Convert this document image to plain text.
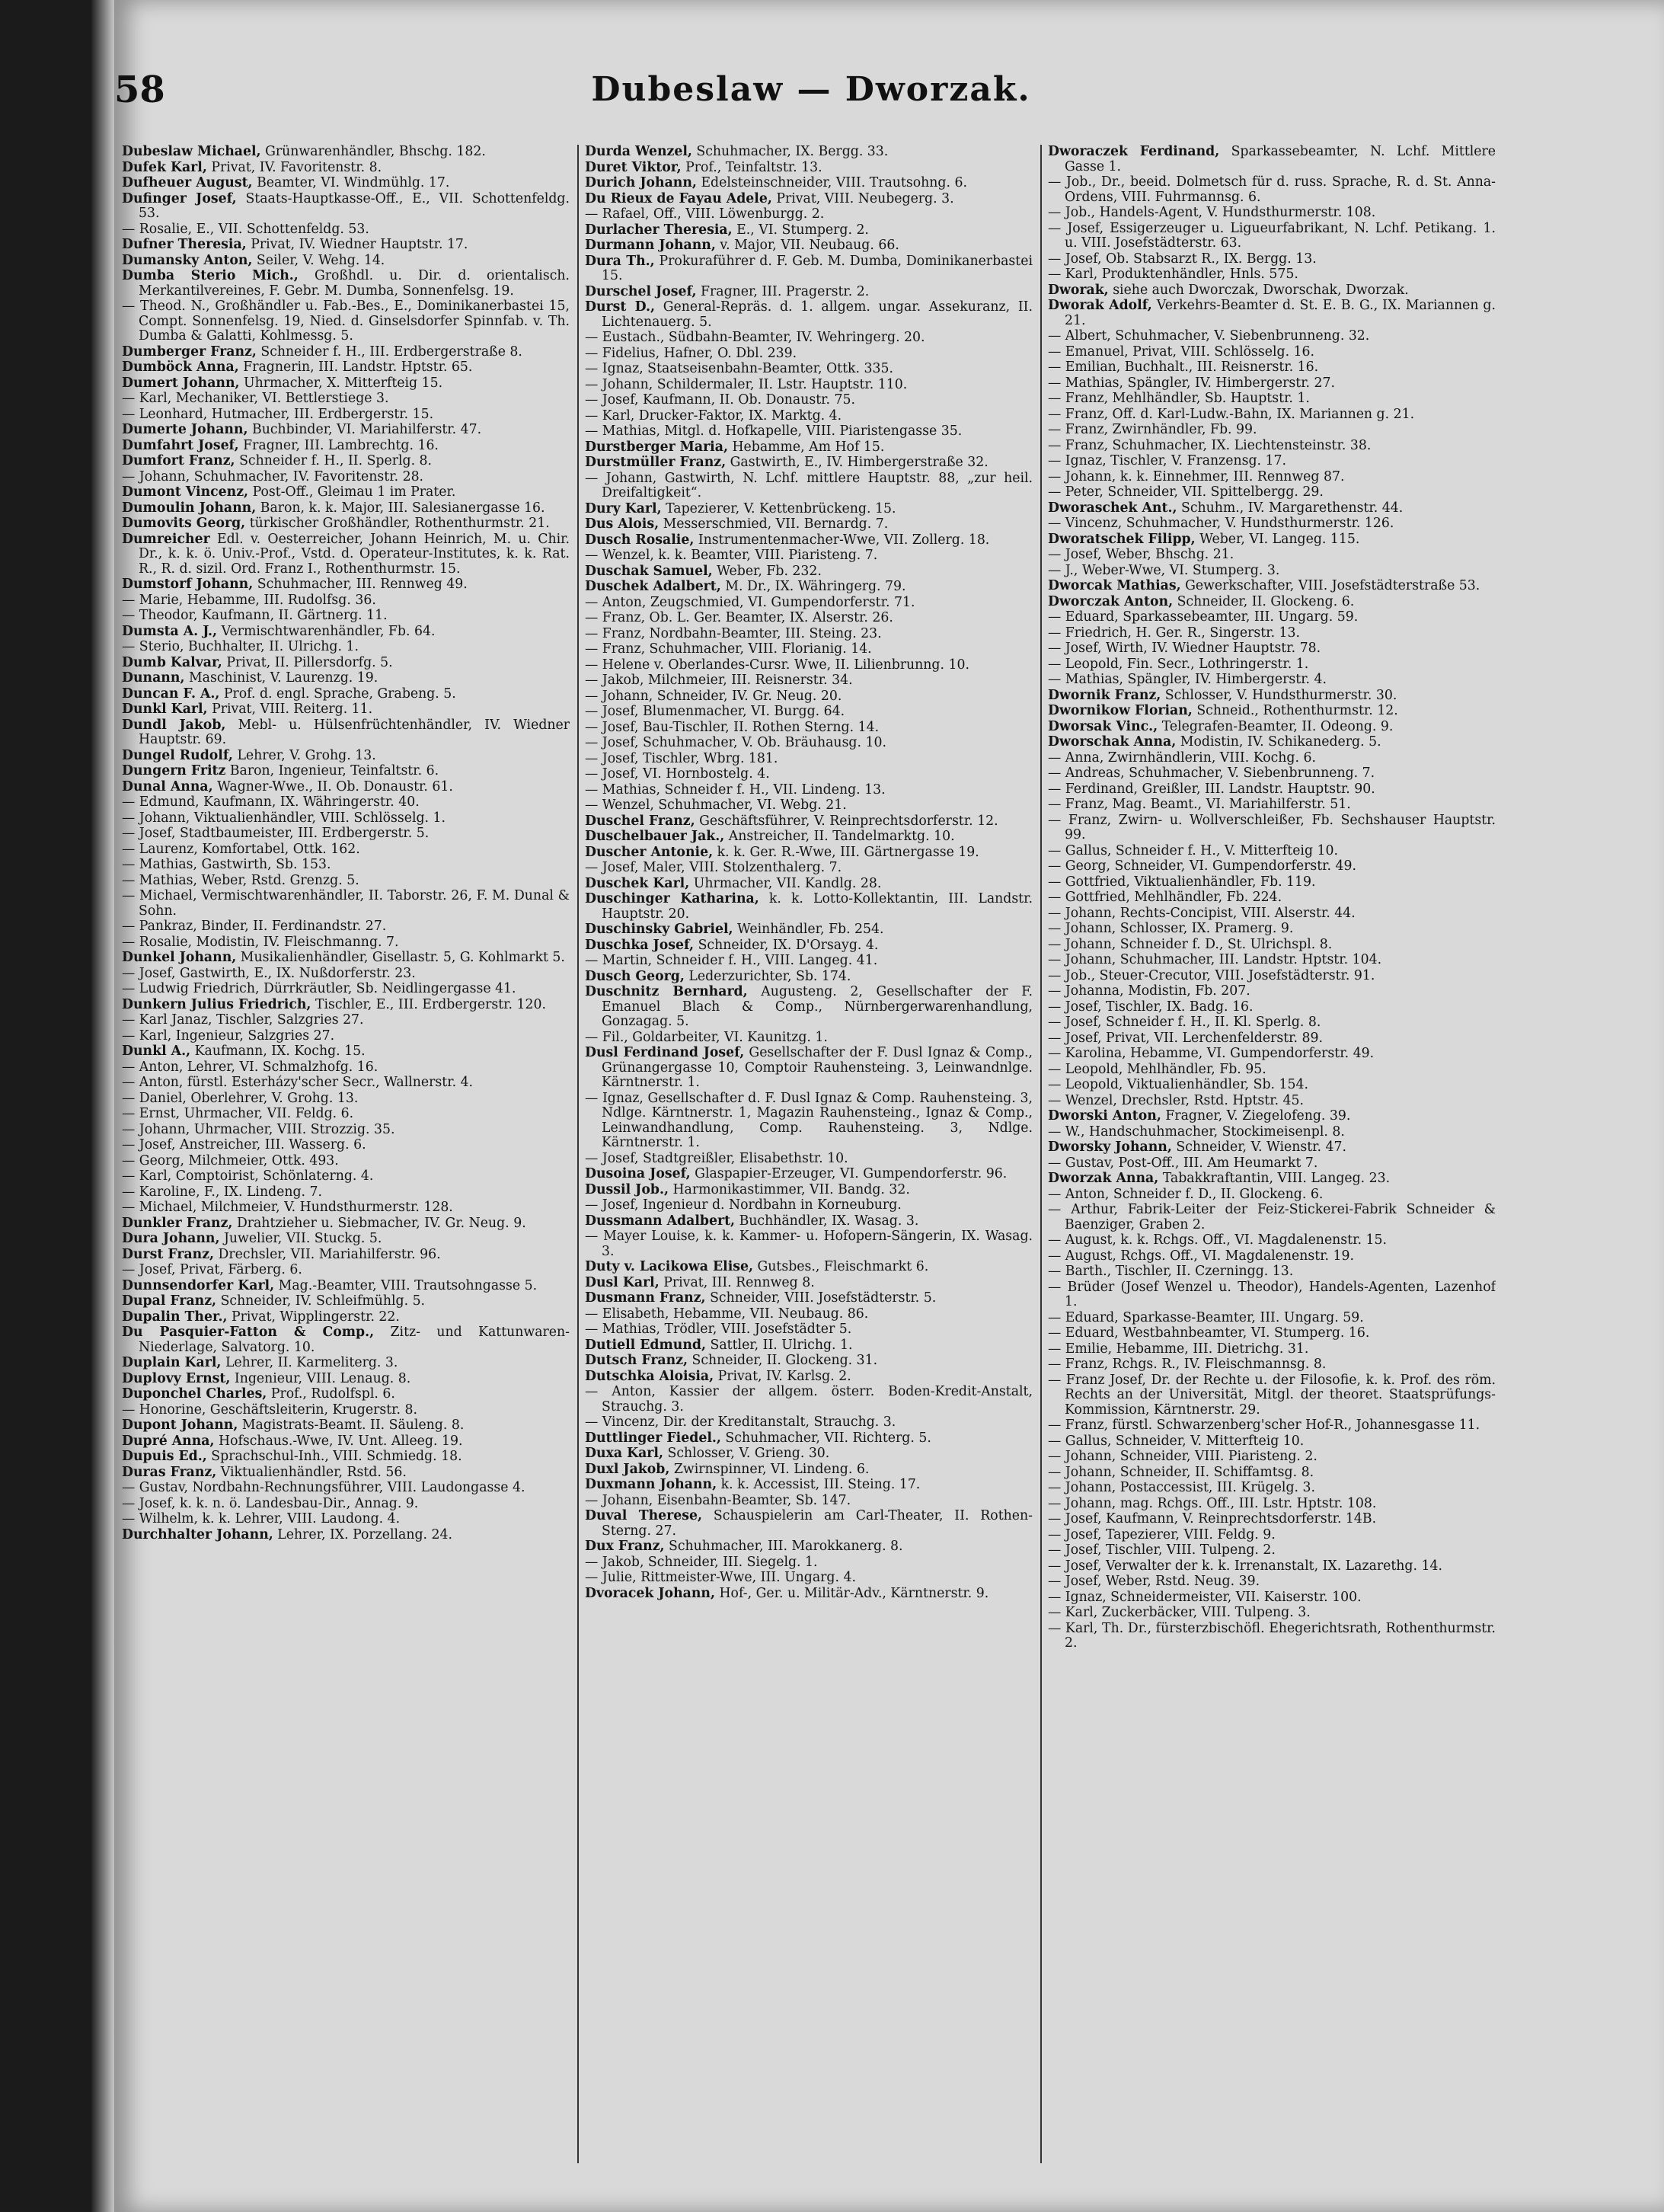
58	Dubeslaw — Dworzak.
Dubeslaw Michael, Grünwarenhändler, Bhschg. 182.
Dufek Karl, Privat, IV. Favoritenstr. 8.
Dufheuer August, Beamter, VI. Windmühlg. 17.
Dufinger Josef, Staats-Hauptkasse-Off., E., VII. Schottenfeldg. 53.
— Rosalie, E., VII. Schottenfeldg. 53.
Dufner Theresia, Privat, IV. Wiedner Hauptstr. 17.
Dumansky Anton, Seiler, V. Wehg. 14.
Dumba Sterio Mich., Großhdl. u. Dir. d. orientalisch. Merkantilvereines, F. Gebr. M. Dumba, Sonnenfelsg. 19.
— Theod. N., Großhändler u. Fab.-Bes., E., Dominikanerbastei 15, Compt. Sonnenfelsg. 19, Nied. d. Ginselsdorfer Spinnfab. v. Th. Dumba & Galatti, Kohlmessg. 5.
Dumberger Franz, Schneider f. H., III. Erdbergerstraße 8.
Dumböck Anna, Fragnerin, III. Landstr. Hptstr. 65.
Dumert Johann, Uhrmacher, X. Mitterfteig 15.
— Karl, Mechaniker, VI. Bettlerstiege 3.
— Leonhard, Hutmacher, III. Erdbergerstr. 15.
Dumerte Johann, Buchbinder, VI. Mariahilferstr. 47.
Dumfahrt Josef, Fragner, III. Lambrechtg. 16.
Dumfort Franz, Schneider f. H., II. Sperlg. 8.
— Johann, Schuhmacher, IV. Favoritenstr. 28.
Dumont Vincenz, Post-Off., Gleimau 1 im Prater.
Dumoulin Johann, Baron, k. k. Major, III. Salesianergasse 16.
Dumovits Georg, türkischer Großhändler, Rothenthurmstr. 21.
Dumreicher Edl. v. Oesterreicher, Johann Heinrich, M. u. Chir. Dr., k. k. ö. Univ.-Prof., Vstd. d. Operateur-Institutes, k. k. Rat. R., R. d. sizil. Ord. Franz I., Rothenthurmstr. 15.
Dumstorf Johann, Schuhmacher, III. Rennweg 49.
— Marie, Hebamme, III. Rudolfsg. 36.
— Theodor, Kaufmann, II. Gärtnerg. 11.
Dumsta A. J., Vermischtwarenhändler, Fb. 64.
— Sterio, Buchhalter, II. Ulrichg. 1.
Dumb Kalvar, Privat, II. Pillersdorfg. 5.
Dunann, Maschinist, V. Laurenzg. 19.
Duncan F. A., Prof. d. engl. Sprache, Grabeng. 5.
Dunkl Karl, Privat, VIII. Reiterg. 11.
Dundl Jakob, Mebl- u. Hülsenfrüchtenhändler, IV. Wiedner Hauptstr. 69.
Dungel Rudolf, Lehrer, V. Grohg. 13.
Dungern Fritz Baron, Ingenieur, Teinfaltstr. 6.
Dunal Anna, Wagner-Wwe., II. Ob. Donaustr. 61.
— Edmund, Kaufmann, IX. Währingerstr. 40.
— Johann, Viktualienhändler, VIII. Schlösselg. 1.
— Josef, Stadtbaumeister, III. Erdbergerstr. 5.
— Laurenz, Komfortabel, Ottk. 162.
— Mathias, Gastwirth, Sb. 153.
— Mathias, Weber, Rstd. Grenzg. 5.
— Michael, Vermischtwarenhändler, II. Taborstr. 26, F. M. Dunal & Sohn.
— Pankraz, Binder, II. Ferdinandstr. 27.
— Rosalie, Modistin, IV. Fleischmanng. 7.
Dunkel Johann, Musikalienhändler, Gisellastr. 5, G. Kohlmarkt 5.
— Josef, Gastwirth, E., IX. Nußdorferstr. 23.
— Ludwig Friedrich, Dürrkräutler, Sb. Neidlingergasse 41.
Dunkern Julius Friedrich, Tischler, E., III. Erdbergerstr. 120.
— Karl Janaz, Tischler, Salzgries 27.
— Karl, Ingenieur, Salzgries 27.
Dunkl A., Kaufmann, IX. Kochg. 15.
— Anton, Lehrer, VI. Schmalzhofg. 16.
— Anton, fürstl. Esterházy'scher Secr., Wallnerstr. 4.
— Daniel, Oberlehrer, V. Grohg. 13.
— Ernst, Uhrmacher, VII. Feldg. 6.
— Johann, Uhrmacher, VIII. Strozzig. 35.
— Josef, Anstreicher, III. Wasserg. 6.
— Georg, Milchmeier, Ottk. 493.
— Karl, Comptoirist, Schönlaterng. 4.
— Karoline, F., IX. Lindeng. 7.
— Michael, Milchmeier, V. Hundsthurmerstr. 128.
Dunkler Franz, Drahtzieher u. Siebmacher, IV. Gr. Neug. 9.
Dura Johann, Juwelier, VII. Stuckg. 5.
Durst Franz, Drechsler, VII. Mariahilferstr. 96.
— Josef, Privat, Färberg. 6.
Dunnsendorfer Karl, Mag.-Beamter, VIII. Trautsohngasse 5.
Dupal Franz, Schneider, IV. Schleifmühlg. 5.
Dupalin Ther., Privat, Wipplingerstr. 22.
Du Pasquier-Fatton & Comp., Zitz- und Kattunwaren-Niederlage, Salvatorg. 10.
Duplain Karl, Lehrer, II. Karmeliterg. 3.
Duplovy Ernst, Ingenieur, VIII. Lenaug. 8.
Duponchel Charles, Prof., Rudolfspl. 6.
— Honorine, Geschäftsleiterin, Krugerstr. 8.
Dupont Johann, Magistrats-Beamt. II. Säuleng. 8.
Dupré Anna, Hofschaus.-Wwe, IV. Unt. Alleeg. 19.
Dupuis Ed., Sprachschul-Inh., VIII. Schmiedg. 18.
Duras Franz, Viktualienhändler, Rstd. 56.
— Gustav, Nordbahn-Rechnungsführer, VIII. Laudongasse 4.
— Josef, k. k. n. ö. Landesbau-Dir., Annag. 9.
— Wilhelm, k. k. Lehrer, VIII. Laudong. 4.
Durchhalter Johann, Lehrer, IX. Porzellang. 24.
Durda Wenzel, Schuhmacher, IX. Bergg. 33.
Duret Viktor, Prof., Teinfaltstr. 13.
Durich Johann, Edelsteinschneider, VIII. Trautsohng. 6.
Du Rieux de Fayau Adele, Privat, VIII. Neubegerg. 3.
— Rafael, Off., VIII. Löwenburgg. 2.
Durlacher Theresia, E., VI. Stumperg. 2.
Durmann Johann, v. Major, VII. Neubaug. 66.
Dura Th., Prokuraführer d. F. Geb. M. Dumba, Dominikanerbastei 15.
Durschel Josef, Fragner, III. Pragerstr. 2.
Durst D., General-Repräs. d. 1. allgem. ungar. Assekuranz, II. Lichtenauerg. 5.
— Eustach., Südbahn-Beamter, IV. Wehringerg. 20.
— Fidelius, Hafner, O. Dbl. 239.
— Ignaz, Staatseisenbahn-Beamter, Ottk. 335.
— Johann, Schildermaler, II. Lstr. Hauptstr. 110.
— Josef, Kaufmann, II. Ob. Donaustr. 75.
— Karl, Drucker-Faktor, IX. Marktg. 4.
— Mathias, Mitgl. d. Hofkapelle, VIII. Piaristengasse 35.
Durstberger Maria, Hebamme, Am Hof 15.
Durstmüller Franz, Gastwirth, E., IV. Himbergerstraße 32.
— Johann, Gastwirth, N. Lchf. mittlere Hauptstr. 88, „zur heil. Dreifaltigkeit“.
Dury Karl, Tapezierer, V. Kettenbrückeng. 15.
Dus Alois, Messerschmied, VII. Bernardg. 7.
Dusch Rosalie, Instrumentenmacher-Wwe, VII. Zollerg. 18.
— Wenzel, k. k. Beamter, VIII. Piaristeng. 7.
Duschak Samuel, Weber, Fb. 232.
Duschek Adalbert, M. Dr., IX. Währingerg. 79.
— Anton, Zeugschmied, VI. Gumpendorferstr. 71.
— Franz, Ob. L. Ger. Beamter, IX. Alserstr. 26.
— Franz, Nordbahn-Beamter, III. Steing. 23.
— Franz, Schuhmacher, VIII. Florianig. 14.
— Helene v. Oberlandes-Cursr. Wwe, II. Lilienbrunng. 10.
— Jakob, Milchmeier, III. Reisnerstr. 34.
— Johann, Schneider, IV. Gr. Neug. 20.
— Josef, Blumenmacher, VI. Burgg. 64.
— Josef, Bau-Tischler, II. Rothen Sterng. 14.
— Josef, Schuhmacher, V. Ob. Bräuhausg. 10.
— Josef, Tischler, Wbrg. 181.
— Josef, VI. Hornbostelg. 4.
— Mathias, Schneider f. H., VII. Lindeng. 13.
— Wenzel, Schuhmacher, VI. Webg. 21.
Duschel Franz, Geschäftsführer, V. Reinprechtsdorferstr. 12.
Duschelbauer Jak., Anstreicher, II. Tandelmarktg. 10.
Duscher Antonie, k. k. Ger. R.-Wwe, III. Gärtnergasse 19.
— Josef, Maler, VIII. Stolzenthalerg. 7.
Duschek Karl, Uhrmacher, VII. Kandlg. 28.
Duschinger Katharina, k. k. Lotto-Kollektantin, III. Landstr. Hauptstr. 20.
Duschinsky Gabriel, Weinhändler, Fb. 254.
Duschka Josef, Schneider, IX. D'Orsayg. 4.
— Martin, Schneider f. H., VIII. Langeg. 41.
Dusch Georg, Lederzurichter, Sb. 174.
Duschnitz Bernhard, Augusteng. 2, Gesellschafter der F. Emanuel Blach & Comp., Nürnbergerwarenhandlung, Gonzagag. 5.
— Fil., Goldarbeiter, VI. Kaunitzg. 1.
Dusl Ferdinand Josef, Gesellschafter der F. Dusl Ignaz & Comp., Grünangergasse 10, Comptoir Rauhensteing. 3, Leinwandnlge. Kärntnerstr. 1.
— Ignaz, Gesellschafter d. F. Dusl Ignaz & Comp. Rauhensteing. 3, Ndlge. Kärntnerstr. 1, Magazin Rauhensteing., Ignaz & Comp., Leinwandhandlung, Comp. Rauhensteing. 3, Ndlge. Kärntnerstr. 1.
— Josef, Stadtgreißler, Elisabethstr. 10.
Dusoina Josef, Glaspapier-Erzeuger, VI. Gumpendorferstr. 96.
Dussil Job., Harmonikastimmer, VII. Bandg. 32.
— Josef, Ingenieur d. Nordbahn in Korneuburg.
Dussmann Adalbert, Buchhändler, IX. Wasag. 3.
— Mayer Louise, k. k. Kammer- u. Hofopern-Sängerin, IX. Wasag. 3.
Duty v. Lacikowa Elise, Gutsbes., Fleischmarkt 6.
Dusl Karl, Privat, III. Rennweg 8.
Dusmann Franz, Schneider, VIII. Josefstädterstr. 5.
— Elisabeth, Hebamme, VII. Neubaug. 86.
— Mathias, Trödler, VIII. Josefstädter 5.
Dutiell Edmund, Sattler, II. Ulrichg. 1.
Dutsch Franz, Schneider, II. Glockeng. 31.
Dutschka Aloisia, Privat, IV. Karlsg. 2.
— Anton, Kassier der allgem. österr. Boden-Kredit-Anstalt, Strauchg. 3.
— Vincenz, Dir. der Kreditanstalt, Strauchg. 3.
Duttlinger Fiedel., Schuhmacher, VII. Richterg. 5.
Duxa Karl, Schlosser, V. Grieng. 30.
Duxl Jakob, Zwirnspinner, VI. Lindeng. 6.
Duxmann Johann, k. k. Accessist, III. Steing. 17.
— Johann, Eisenbahn-Beamter, Sb. 147.
Duval Therese, Schauspielerin am Carl-Theater, II. Rothen-Sterng. 27.
Dux Franz, Schuhmacher, III. Marokkanerg. 8.
— Jakob, Schneider, III. Siegelg. 1.
— Julie, Rittmeister-Wwe, III. Ungarg. 4.
Dvoracek Johann, Hof-, Ger. u. Militär-Adv., Kärntnerstr. 9.
Dworaczek Ferdinand, Sparkassebeamter, N. Lchf. Mittlere Gasse 1.
— Job., Dr., beeid. Dolmetsch für d. russ. Sprache, R. d. St. Anna-Ordens, VIII. Fuhrmannsg. 6.
— Job., Handels-Agent, V. Hundsthurmerstr. 108.
— Josef, Essigerzeuger u. Ligueurfabrikant, N. Lchf. Petikang. 1. u. VIII. Josefstädterstr. 63.
— Josef, Ob. Stabsarzt R., IX. Bergg. 13.
— Karl, Produktenhändler, Hnls. 575.
Dworak, siehe auch Dworczak, Dworschak, Dworzak.
Dworak Adolf, Verkehrs-Beamter d. St. E. B. G., IX. Mariannen g. 21.
— Albert, Schuhmacher, V. Siebenbrunneng. 32.
— Emanuel, Privat, VIII. Schlösselg. 16.
— Emilian, Buchhalt., III. Reisnerstr. 16.
— Mathias, Spängler, IV. Himbergerstr. 27.
— Franz, Mehlhändler, Sb. Hauptstr. 1.
— Franz, Off. d. Karl-Ludw.-Bahn, IX. Mariannen g. 21.
— Franz, Zwirnhändler, Fb. 99.
— Franz, Schuhmacher, IX. Liechtensteinstr. 38.
— Ignaz, Tischler, V. Franzensg. 17.
— Johann, k. k. Einnehmer, III. Rennweg 87.
— Peter, Schneider, VII. Spittelbergg. 29.
Dworaschek Ant., Schuhm., IV. Margarethenstr. 44.
— Vincenz, Schuhmacher, V. Hundsthurmerstr. 126.
Dworatschek Filipp, Weber, VI. Langeg. 115.
— Josef, Weber, Bhschg. 21.
— J., Weber-Wwe, VI. Stumperg. 3.
Dworcak Mathias, Gewerkschafter, VIII. Josefstädterstraße 53.
Dworczak Anton, Schneider, II. Glockeng. 6.
— Eduard, Sparkassebeamter, III. Ungarg. 59.
— Friedrich, H. Ger. R., Singerstr. 13.
— Josef, Wirth, IV. Wiedner Hauptstr. 78.
— Leopold, Fin. Secr., Lothringerstr. 1.
— Mathias, Spängler, IV. Himbergerstr. 4.
Dwornik Franz, Schlosser, V. Hundsthurmerstr. 30.
Dwornikow Florian, Schneid., Rothenthurmstr. 12.
Dworsak Vinc., Telegrafen-Beamter, II. Odeong. 9.
Dworschak Anna, Modistin, IV. Schikanederg. 5.
— Anna, Zwirnhändlerin, VIII. Kochg. 6.
— Andreas, Schuhmacher, V. Siebenbrunneng. 7.
— Ferdinand, Greißler, III. Landstr. Hauptstr. 90.
— Franz, Mag. Beamt., VI. Mariahilferstr. 51.
— Franz, Zwirn- u. Wollverschleißer, Fb. Sechshauser Hauptstr. 99.
— Gallus, Schneider f. H., V. Mitterfteig 10.
— Georg, Schneider, VI. Gumpendorferstr. 49.
— Gottfried, Viktualienhändler, Fb. 119.
— Gottfried, Mehlhändler, Fb. 224.
— Johann, Rechts-Concipist, VIII. Alserstr. 44.
— Johann, Schlosser, IX. Pramerg. 9.
— Johann, Schneider f. D., St. Ulrichspl. 8.
— Johann, Schuhmacher, III. Landstr. Hptstr. 104.
— Job., Steuer-Crecutor, VIII. Josefstädterstr. 91.
— Johanna, Modistin, Fb. 207.
— Josef, Tischler, IX. Badg. 16.
— Josef, Schneider f. H., II. Kl. Sperlg. 8.
— Josef, Privat, VII. Lerchenfelderstr. 89.
— Karolina, Hebamme, VI. Gumpendorferstr. 49.
— Leopold, Mehlhändler, Fb. 95.
— Leopold, Viktualienhändler, Sb. 154.
— Wenzel, Drechsler, Rstd. Hptstr. 45.
Dworski Anton, Fragner, V. Ziegelofeng. 39.
— W., Handschuhmacher, Stockimeisenpl. 8.
Dworsky Johann, Schneider, V. Wienstr. 47.
— Gustav, Post-Off., III. Am Heumarkt 7.
Dworzak Anna, Tabakkraftantin, VIII. Langeg. 23.
— Anton, Schneider f. D., II. Glockeng. 6.
— Arthur, Fabrik-Leiter der Feiz-Stickerei-Fabrik Schneider & Baenziger, Graben 2.
— August, k. k. Rchgs. Off., VI. Magdalenenstr. 15.
— August, Rchgs. Off., VI. Magdalenenstr. 19.
— Barth., Tischler, II. Czerningg. 13.
— Brüder (Josef Wenzel u. Theodor), Handels-Agenten, Lazenhof 1.
— Eduard, Sparkasse-Beamter, III. Ungarg. 59.
— Eduard, Westbahnbeamter, VI. Stumperg. 16.
— Emilie, Hebamme, III. Dietrichg. 31.
— Franz, Rchgs. R., IV. Fleischmannsg. 8.
— Franz Josef, Dr. der Rechte u. der Filosofie, k. k. Prof. des röm. Rechts an der Universität, Mitgl. der theoret. Staatsprüfungs-Kommission, Kärntnerstr. 29.
— Franz, fürstl. Schwarzenberg'scher Hof-R., Johannesgasse 11.
— Gallus, Schneider, V. Mitterfteig 10.
— Johann, Schneider, VIII. Piaristeng. 2.
— Johann, Schneider, II. Schiffamtsg. 8.
— Johann, Postaccessist, III. Krügelg. 3.
— Johann, mag. Rchgs. Off., III. Lstr. Hptstr. 108.
— Josef, Kaufmann, V. Reinprechtsdorferstr. 14B.
— Josef, Tapezierer, VIII. Feldg. 9.
— Josef, Tischler, VIII. Tulpeng. 2.
— Josef, Verwalter der k. k. Irrenanstalt, IX. Lazarethg. 14.
— Josef, Weber, Rstd. Neug. 39.
— Ignaz, Schneidermeister, VII. Kaiserstr. 100.
— Karl, Zuckerbäcker, VIII. Tulpeng. 3.
— Karl, Th. Dr., fürsterzbischöfl. Ehegerichtsrath, Rothenthurmstr. 2.
